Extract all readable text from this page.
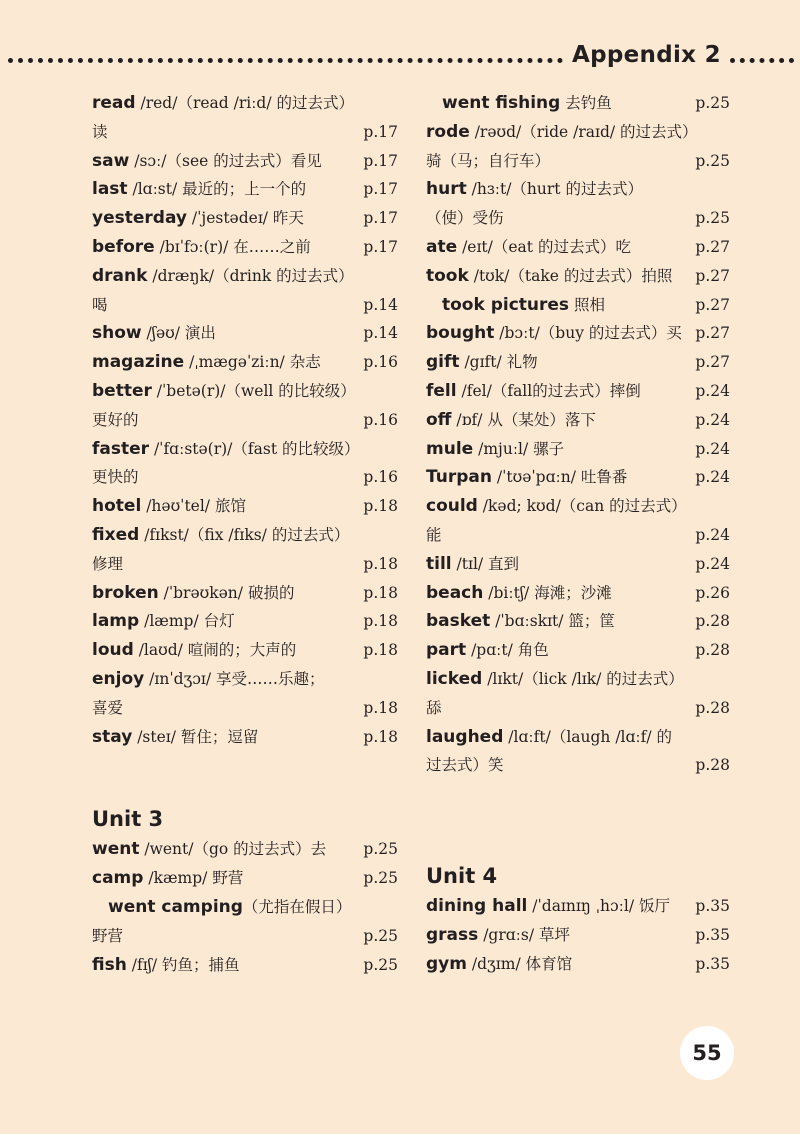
Appendix 2
read /red/（read /riːd/ 的过去式）
读	p.17
saw /sɔː/（see 的过去式）看见	p.17
last /lɑːst/ 最近的；上一个的	p.17
yesterday /ˈjestədeɪ/ 昨天	p.17
before /bɪˈfɔː(r)/ 在……之前	p.17
drank /dræŋk/（drink 的过去式）
喝	p.14
show /ʃəʊ/ 演出	p.14
magazine /ˌmægəˈziːn/ 杂志	p.16
better /ˈbetə(r)/（well 的比较级）
更好的	p.16
faster /ˈfɑːstə(r)/（fast 的比较级）
更快的	p.16
hotel /həʊˈtel/ 旅馆	p.18
fixed /fɪkst/（fix /fɪks/ 的过去式）
修理	p.18
broken /ˈbrəʊkən/ 破损的	p.18
lamp /læmp/ 台灯	p.18
loud /laʊd/ 喧闹的；大声的	p.18
enjoy /ɪnˈdʒɔɪ/ 享受……乐趣；
喜爱	p.18
stay /steɪ/ 暂住；逗留	p.18
Unit 3
went /went/（go 的过去式）去 p.25
camp /kæmp/ 野营	p.25
went camping（尤指在假日）
野营	p.25
fish /fɪʃ/ 钓鱼；捕鱼	p.25
went fishing 去钓鱼	p.25
rode /rəʊd/（ride /raɪd/ 的过去式）
骑（马；自行车）	p.25
hurt /hɜːt/（hurt 的过去式）
（使）受伤	p.25
ate /eɪt/（eat 的过去式）吃	p.27
took /tʊk/（take 的过去式）拍照 p.27
took pictures 照相	p.27
bought /bɔːt/（buy 的过去式）买 p.27
gift /gɪft/ 礼物	p.27
fell /fel/（fall的过去式）摔倒	p.24
off /ɒf/ 从（某处）落下	p.24
mule /mjuːl/ 骡子	p.24
Turpan /ˈtʊəˈpɑːn/ 吐鲁番	p.24
could /kəd; kʊd/（can 的过去式）
能	p.24
till /tɪl/ 直到	p.24
beach /biːtʃ/ 海滩；沙滩	p.26
basket /ˈbɑːskɪt/ 篮；筐	p.28
part /pɑːt/ 角色	p.28
licked /lɪkt/（lick /lɪk/ 的过去式）
舔	p.28
laughed /lɑːft/（laugh /lɑːf/ 的
过去式）笑	p.28
Unit 4
dining hall /ˈdaɪnɪŋ ˌhɔːl/ 饭厅 p.35
grass /grɑːs/ 草坪	p.35
gym /dʒɪm/ 体育馆	p.35
55
